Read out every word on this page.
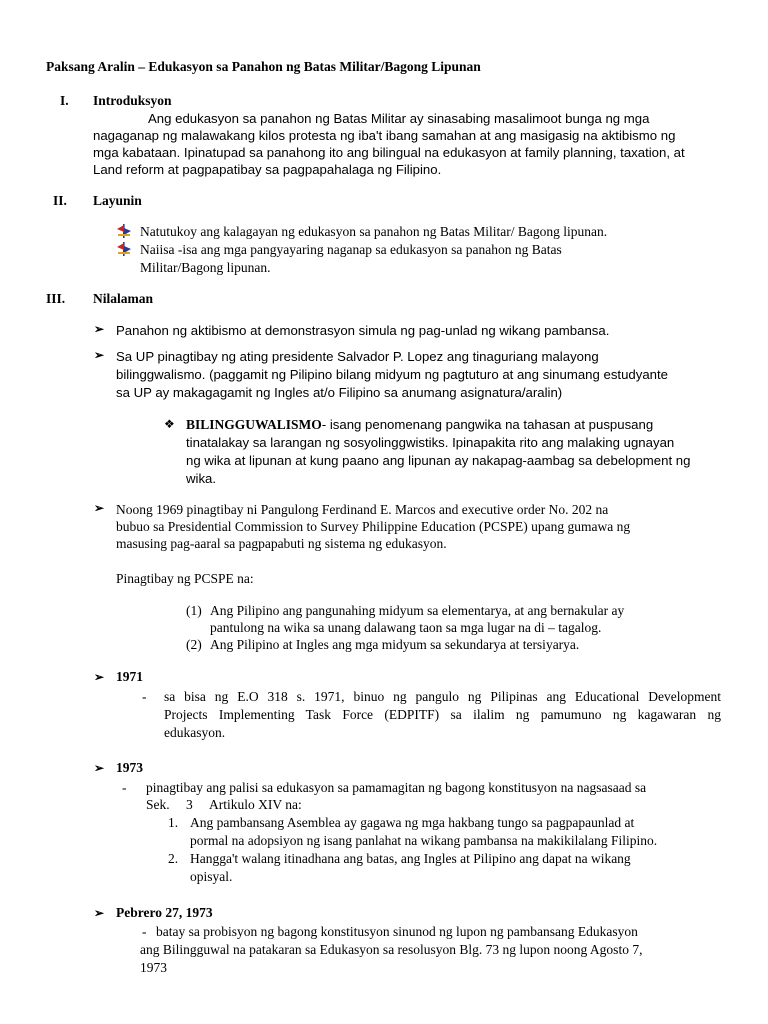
Paksang Aralin – Edukasyon sa Panahon ng Batas Militar/Bagong Lipunan
I. Introduksyon
Ang edukasyon sa panahon ng Batas Militar ay sinasabing masalimoot bunga ng mga
nagaganap ng malawakang kilos protesta ng iba't ibang samahan at ang masigasig na aktibismo ng
mga kabataan. Ipinatupad sa panahong ito ang bilingual na edukasyon at family planning, taxation, at
Land reform at pagpapatibay sa pagpapahalaga ng Filipino.
II. Layunin
Natutukoy ang kalagayan ng edukasyon sa panahon ng Batas Militar/ Bagong lipunan.
Naiisa -isa ang mga pangyayaring naganap sa edukasyon sa panahon ng Batas
Militar/Bagong lipunan.
III. Nilalaman
➢ Panahon ng aktibismo at demonstrasyon simula ng pag-unlad ng wikang pambansa.
➢ Sa UP pinagtibay ng ating presidente Salvador P. Lopez ang tinaguriang malayong
bilinggwalismo. (paggamit ng Pilipino bilang midyum ng pagtuturo at ang sinumang estudyante
sa UP ay makagagamit ng Ingles at/o Filipino sa anumang asignatura/aralin)
❖ BILINGGUWALISMO- isang penomenang pangwika na tahasan at puspusang
tinatalakay sa larangan ng sosyolinggwistiks. Ipinapakita rito ang malaking ugnayan
ng wika at lipunan at kung paano ang lipunan ay nakapag-aambag sa debelopment ng
wika.
➢ Noong 1969 pinagtibay ni Pangulong Ferdinand E. Marcos and executive order No. 202 na
bubuo sa Presidential Commission to Survey Philippine Education (PCSPE) upang gumawa ng
masusing pag-aaral sa pagpapabuti ng sistema ng edukasyon.
Pinagtibay ng PCSPE na:
(1) Ang Pilipino ang pangunahing midyum sa elementarya, at ang bernakular ay
pantulong na wika sa unang dalawang taon sa mga lugar na di – tagalog.
(2) Ang Pilipino at Ingles ang mga midyum sa sekundarya at tersiyarya.
➢ 1971
- sa bisa ng E.O 318 s. 1971, binuo ng pangulo ng Pilipinas ang Educational Development
Projects Implementing Task Force (EDPITF) sa ilalim ng pamumuno ng kagawaran ng
edukasyon.
➢ 1973
- pinagtibay ang palisi sa edukasyon sa pamamagitan ng bagong konstitusyon na nagsasaad sa
Sek. 3 Artikulo XIV na:
1. Ang pambansang Asemblea ay gagawa ng mga hakbang tungo sa pagpapaunlad at
pormal na adopsiyon ng isang panlahat na wikang pambansa na makikilalang Filipino.
2. Hangga't walang itinadhana ang batas, ang Ingles at Pilipino ang dapat na wikang
opisyal.
➢ Pebrero 27, 1973
- batay sa probisyon ng bagong konstitusyon sinunod ng lupon ng pambansang Edukasyon
ang Bilingguwal na patakaran sa Edukasyon sa resolusyon Blg. 73 ng lupon noong Agosto 7,
1973
